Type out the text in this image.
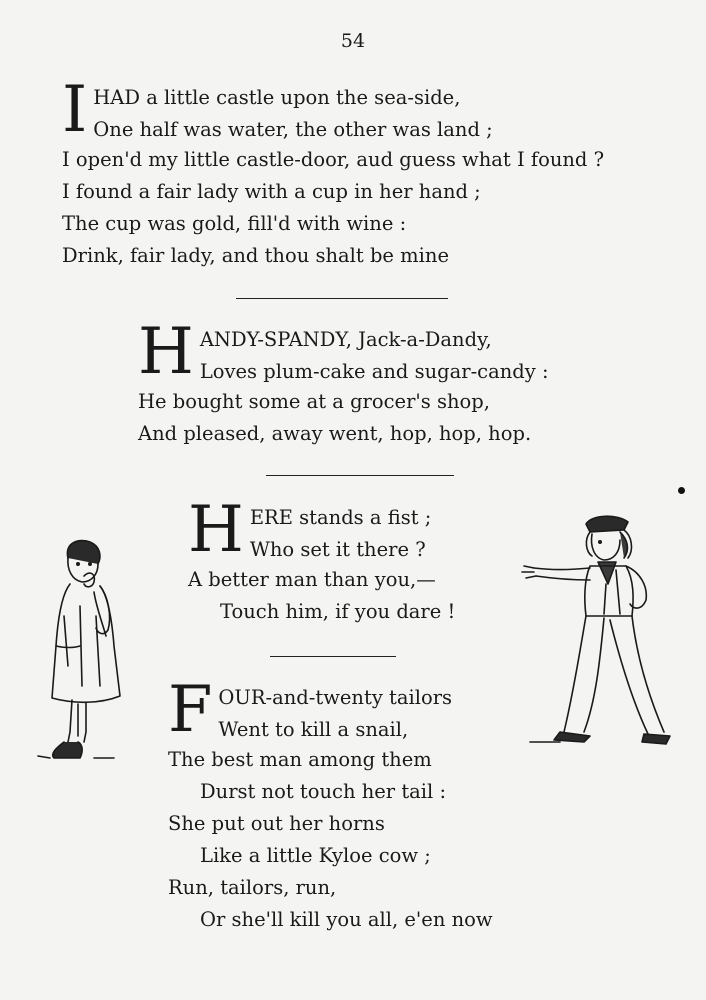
54
I HAD a little castle upon the sea-side,
One half was water, the other was land ;
I open'd my little castle-door, aud guess what I found ?
I found a fair lady with a cup in her hand ;
The cup was gold, fill'd with wine :
Drink, fair lady, and thou shalt be mine
H ANDY-SPANDY, Jack-a-Dandy,
Loves plum-cake and sugar-candy :
He bought some at a grocer's shop,
And pleased, away went, hop, hop, hop.
H ERE stands a fist ;
Who set it there ?
A better man than you,—
Touch him, if you dare !
F OUR-and-twenty tailors
Went to kill a snail,
The best man among them
Durst not touch her tail :
She put out her horns
Like a little Kyloe cow ;
Run, tailors, run,
Or she'll kill you all, e'en now
